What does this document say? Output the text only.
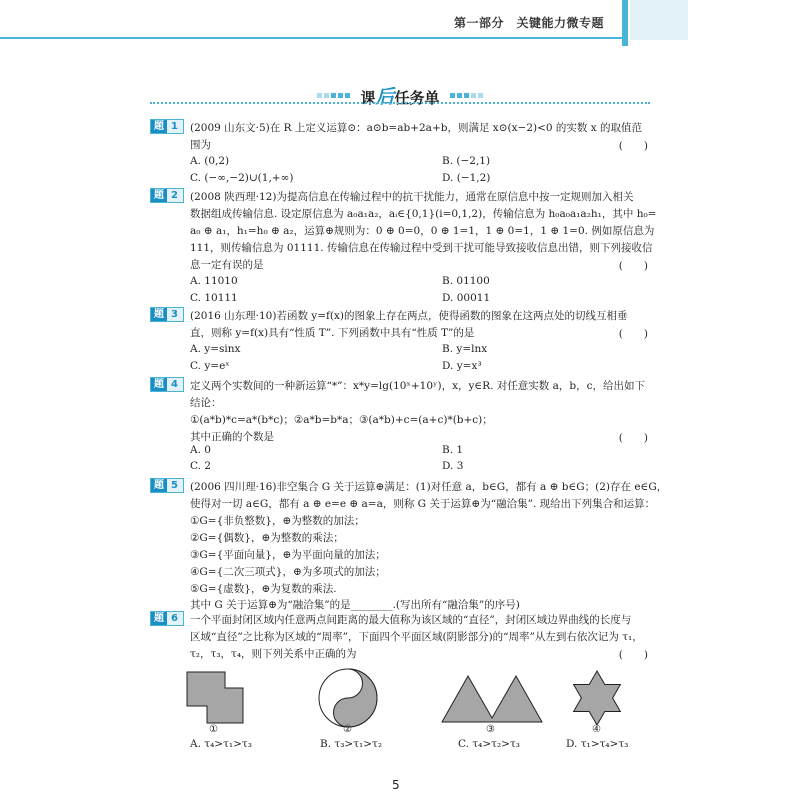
第一部分　关键能力微专题
课后任务单
题 1	(2009 山东文·5)在 R 上定义运算⊙：a⊙b=ab+2a+b，则满足 x⊙(x−2)<0 的实数 x 的取值范
围为	(　　)
A. (0,2)	B. (−2,1)
C. (−∞,−2)∪(1,+∞)	D. (−1,2)
题 2	(2008 陕西理·12)为提高信息在传输过程中的抗干扰能力，通常在原信息中按一定规则加入相关
数据组成传输信息. 设定原信息为 a₀a₁a₂，aᵢ∈{0,1}(i=0,1,2)，传输信息为 h₀a₀a₁a₂h₁，其中 h₀=
a₀ ⊕ a₁，h₁=h₀ ⊕ a₂，运算⊕规则为：0 ⊕ 0=0，0 ⊕ 1=1，1 ⊕ 0=1，1 ⊕ 1=0. 例如原信息为
111，则传输信息为 01111. 传输信息在传输过程中受到干扰可能导致接收信息出错，则下列接收信
息一定有误的是	(　　)
A. 11010	B. 01100
C. 10111	D. 00011
题 3	(2016 山东理·10)若函数 y=f(x)的图象上存在两点，使得函数的图象在这两点处的切线互相垂
直，则称 y=f(x)具有“性质 T”. 下列函数中具有“性质 T”的是	(　　)
A. y=sinx	B. y=lnx
C. y=eˣ	D. y=x³
题 4	定义两个实数间的一种新运算“*”：x*y=lg(10ˣ+10ʸ)，x，y∈R. 对任意实数 a，b，c，给出如下
结论：
①(a*b)*c=a*(b*c)；②a*b=b*a；③(a*b)+c=(a+c)*(b+c)；
其中正确的个数是	(　　)
A. 0	B. 1
C. 2	D. 3
题 5	(2006 四川理·16)非空集合 G 关于运算⊕满足：(1)对任意 a，b∈G，都有 a ⊕ b∈G；(2)存在 e∈G，
使得对一切 a∈G，都有 a ⊕ e=e ⊕ a=a，则称 G 关于运算⊕为“融洽集”. 现给出下列集合和运算：
①G={非负整数}，⊕为整数的加法；
②G={偶数}，⊕为整数的乘法；
③G={平面向量}，⊕为平面向量的加法；
④G={二次三项式}，⊕为多项式的加法；
⑤G={虚数}，⊕为复数的乘法.
其中 G 关于运算⊕为“融洽集”的是________.(写出所有“融洽集”的序号)
题 6	一个平面封闭区域内任意两点间距离的最大值称为该区域的“直径”，封闭区域边界曲线的长度与
区域“直径”之比称为区域的“周率”，下面四个平面区域(阴影部分)的“周率”从左到右依次记为 τ₁，
τ₂，τ₃，τ₄，则下列关系中正确的为	(　　)
①	②	③	④
A. τ₄>τ₁>τ₃	B. τ₃>τ₁>τ₂	C. τ₄>τ₂>τ₃	D. τ₁>τ₄>τ₃
5
